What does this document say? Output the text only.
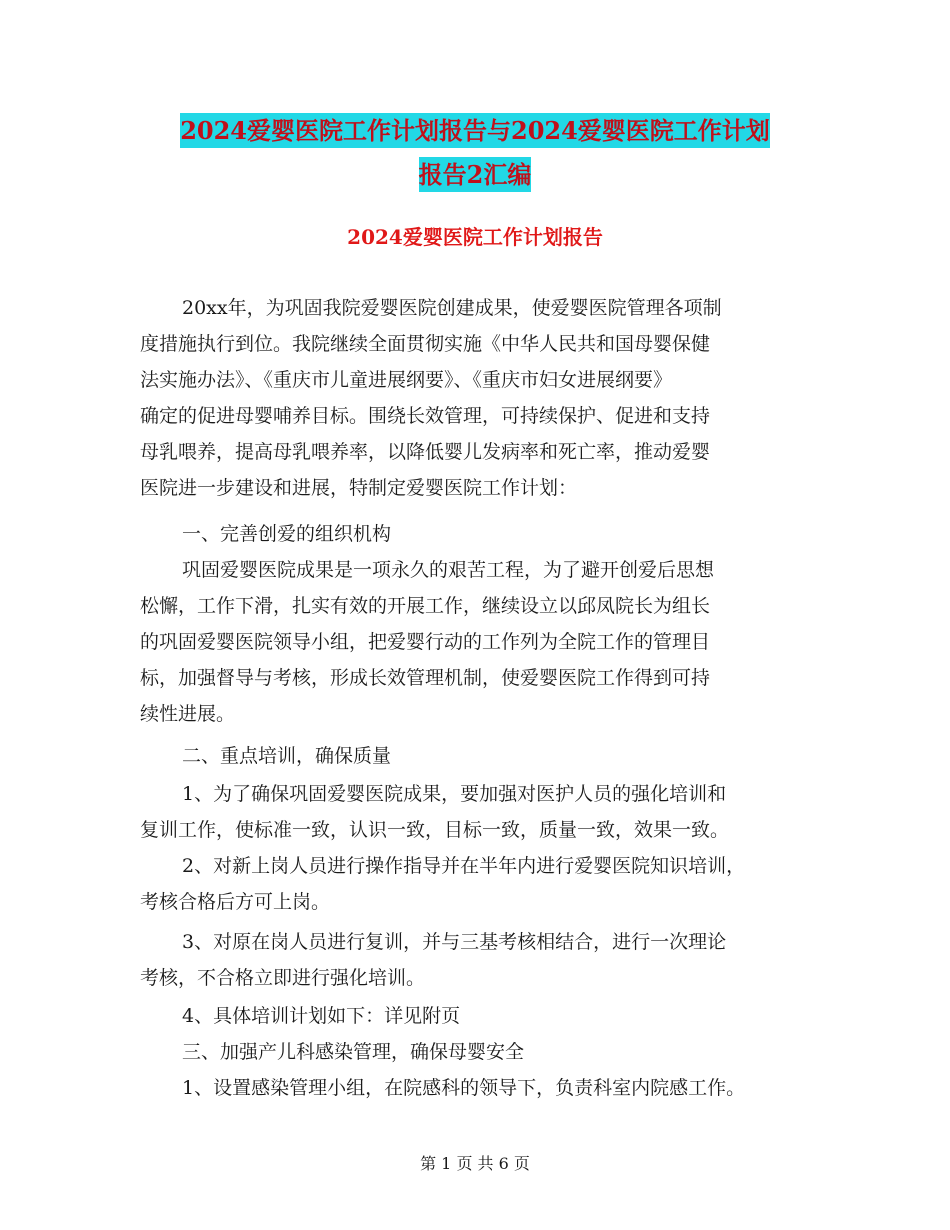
2024爱婴医院工作计划报告与2024爱婴医院工作计划
报告2汇编
2024爱婴医院工作计划报告

20xx年，为巩固我院爱婴医院创建成果，使爱婴医院管理各项制

度措施执行到位。我院继续全面贯彻实施《中华人民共和国母婴保健

法实施办法》、《重庆市儿童进展纲要》、《重庆市妇女进展纲要》

确定的促进母婴哺养目标。围绕长效管理，可持续保护、促进和支持

母乳喂养，提高母乳喂养率，以降低婴儿发病率和死亡率，推动爱婴

医院进一步建设和进展，特制定爱婴医院工作计划：

一、完善创爱的组织机构

巩固爱婴医院成果是一项永久的艰苦工程，为了避开创爱后思想

松懈，工作下滑，扎实有效的开展工作，继续设立以邱凤院长为组长

的巩固爱婴医院领导小组，把爱婴行动的工作列为全院工作的管理目

标，加强督导与考核，形成长效管理机制，使爱婴医院工作得到可持

续性进展。

二、重点培训，确保质量

1、为了确保巩固爱婴医院成果，要加强对医护人员的强化培训和

复训工作，使标准一致，认识一致，目标一致，质量一致，效果一致。

2、对新上岗人员进行操作指导并在半年内进行爱婴医院知识培训，

考核合格后方可上岗。

3、对原在岗人员进行复训，并与三基考核相结合，进行一次理论

考核，不合格立即进行强化培训。

4、具体培训计划如下：详见附页

三、加强产儿科感染管理，确保母婴安全

1、设置感染管理小组，在院感科的领导下，负责科室内院感工作。

第 1 页 共 6 页
